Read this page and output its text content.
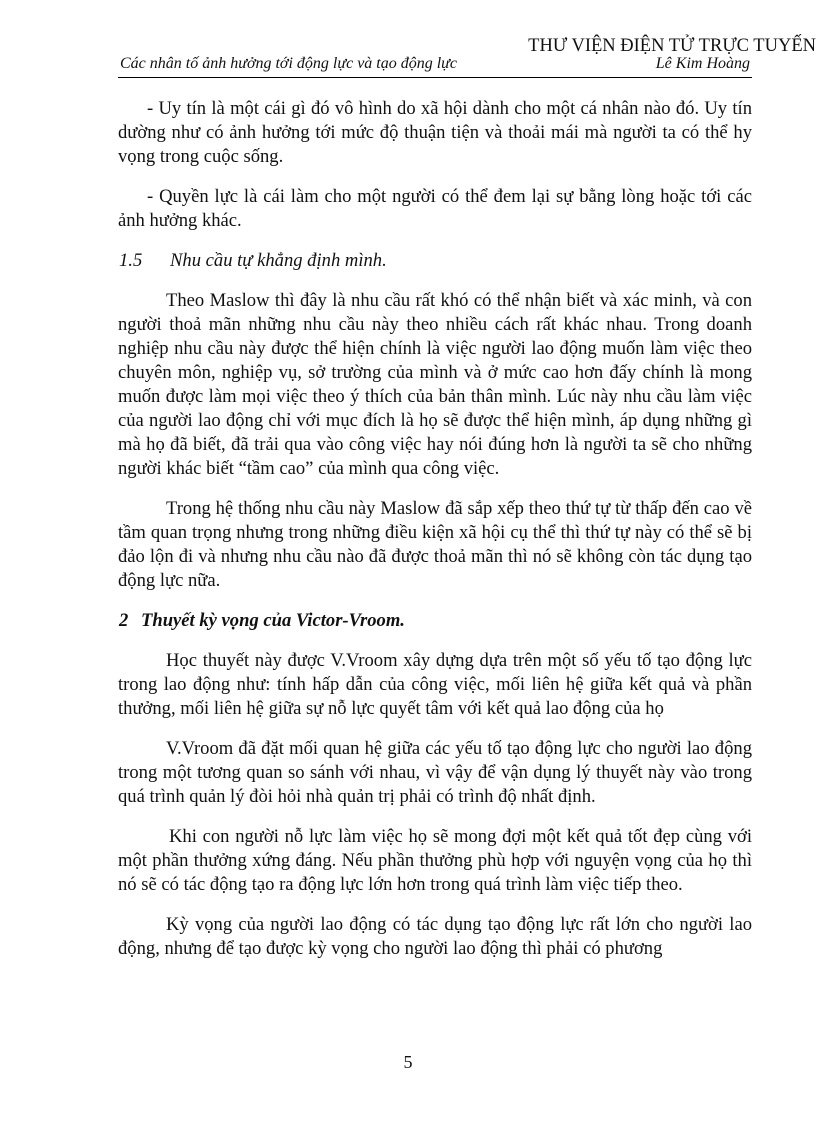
THƯ VIỆN ĐIỆN TỬ TRỰC TUYẾN
Các nhân tố ảnh hưởng tới động lực và tạo động lực	Lê Kim Hoàng

- Uy tín là một cái gì đó vô hình do xã hội dành cho một cá nhân nào đó. Uy tín dường như có ảnh hưởng tới mức độ thuận tiện và thoải mái mà người ta có thể hy vọng trong cuộc sống.

- Quyền lực là cái làm cho một người có thể đem lại sự bằng lòng hoặc tới các ảnh hưởng khác.

1.5 Nhu cầu tự khẳng định mình.

Theo Maslow thì đây là nhu cầu rất khó có thể nhận biết và xác minh, và con người thoả mãn những nhu cầu này theo nhiều cách rất khác nhau. Trong doanh nghiệp nhu cầu này được thể hiện chính là việc người lao động muốn làm việc theo chuyên môn, nghiệp vụ, sở trường của mình và ở mức cao hơn đấy chính là mong muốn được làm mọi việc theo ý thích của bản thân mình. Lúc này nhu cầu làm việc của người lao động chỉ với mục đích là họ sẽ được thể hiện mình, áp dụng những gì mà họ đã biết, đã trải qua vào công việc hay nói đúng hơn là người ta sẽ cho những người khác biết “tầm cao” của mình qua công việc.

Trong hệ thống nhu cầu này Maslow đã sắp xếp theo thứ tự từ thấp đến cao về tầm quan trọng nhưng trong những điều kiện xã hội cụ thể thì thứ tự này có thể sẽ bị đảo lộn đi và nhưng nhu cầu nào đã được thoả mãn thì nó sẽ không còn tác dụng tạo động lực nữa.

2 Thuyết kỳ vọng của Victor-Vroom.

Học thuyết này được V.Vroom xây dựng dựa trên một số yếu tố tạo động lực trong lao động như: tính hấp dẫn của công việc, mối liên hệ giữa kết quả và phần thưởng, mối liên hệ giữa sự nỗ lực quyết tâm với kết quả lao động của họ

V.Vroom đã đặt mối quan hệ giữa các yếu tố tạo động lực cho người lao động trong một tương quan so sánh với nhau, vì vậy để vận dụng lý thuyết này vào trong quá trình quản lý đòi hỏi nhà quản trị phải có trình độ nhất định.

Khi con người nỗ lực làm việc họ sẽ mong đợi một kết quả tốt đẹp cùng với một phần thưởng xứng đáng. Nếu phần thưởng phù hợp với nguyện vọng của họ thì nó sẽ có tác động tạo ra động lực lớn hơn trong quá trình làm việc tiếp theo.

Kỳ vọng của người lao động có tác dụng tạo động lực rất lớn cho người lao động, nhưng để tạo được kỳ vọng cho người lao động thì phải có phương

5
